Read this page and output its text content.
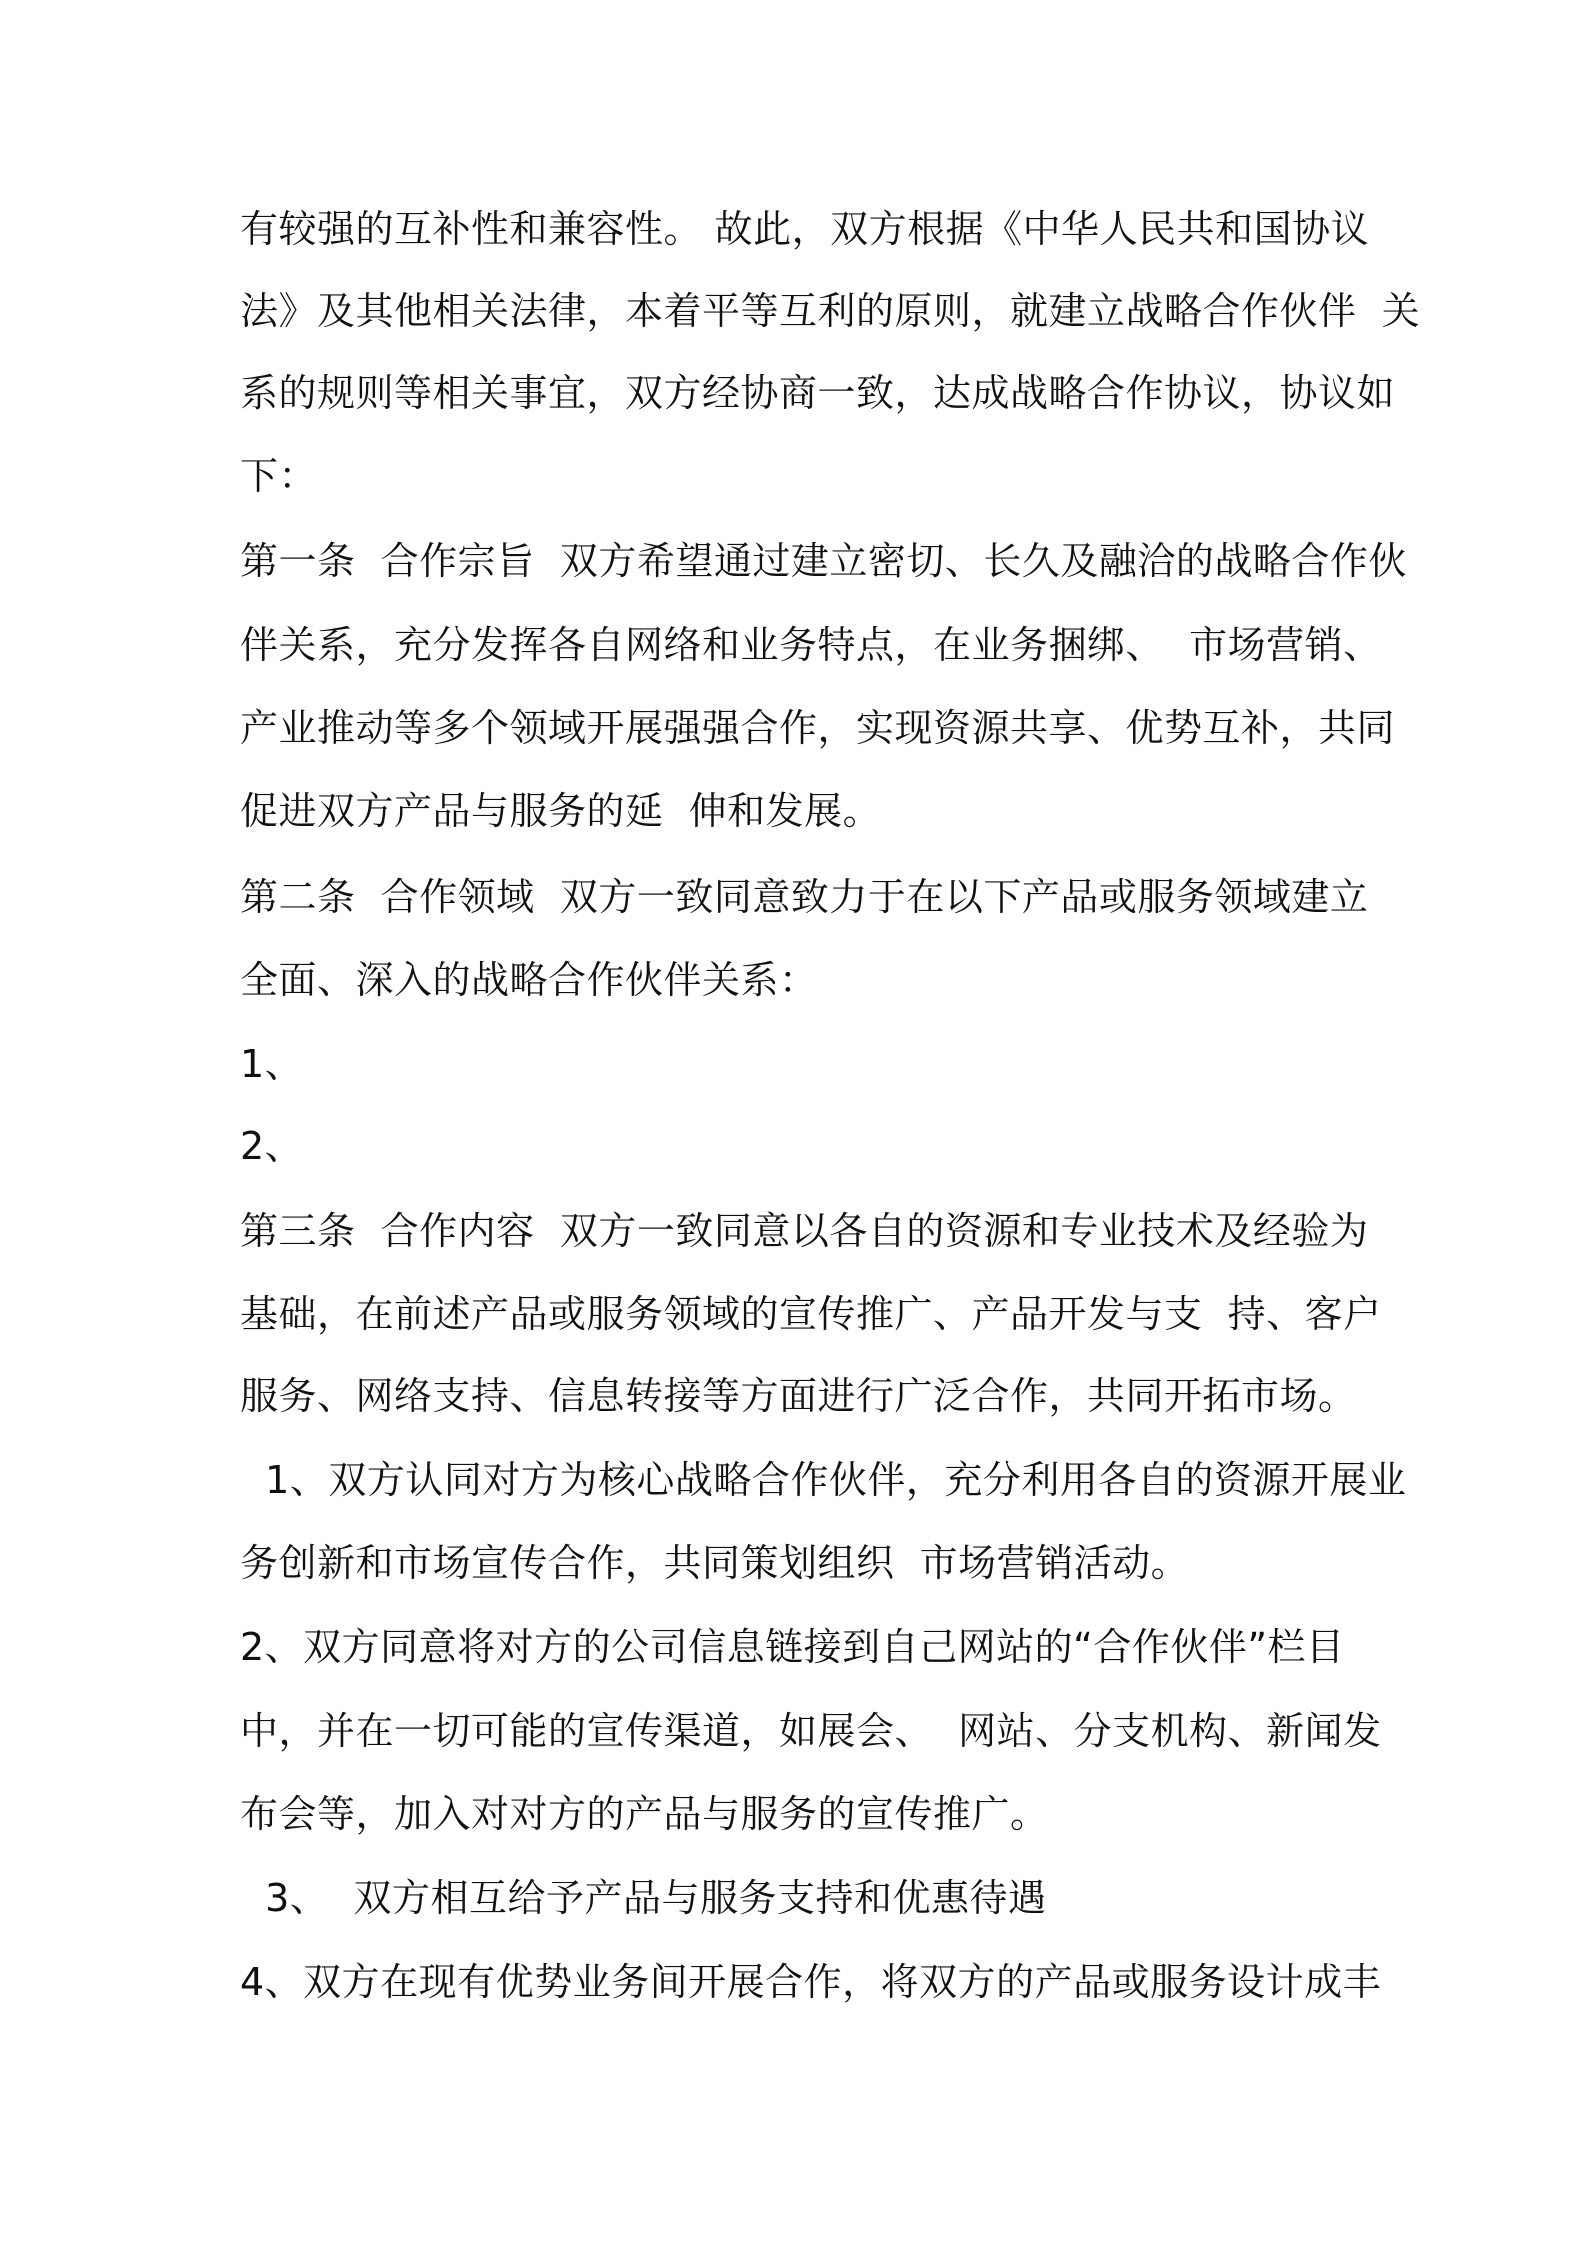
有较强的互补性和兼容性。 故此，双方根据《中华人民共和国协议
法》及其他相关法律，本着平等互利的原则，就建立战略合作伙伴  关
系的规则等相关事宜，双方经协商一致，达成战略合作协议，协议如
下：
第一条  合作宗旨  双方希望通过建立密切、长久及融洽的战略合作伙
伴关系，充分发挥各自网络和业务特点，在业务捆绑、  市场营销、
产业推动等多个领域开展强强合作，实现资源共享、优势互补，共同
促进双方产品与服务的延  伸和发展。
第二条  合作领域  双方一致同意致力于在以下产品或服务领域建立
全面、深入的战略合作伙伴关系：
1、
2、
第三条  合作内容  双方一致同意以各自的资源和专业技术及经验为
基础，在前述产品或服务领域的宣传推广、产品开发与支  持、客户
服务、网络支持、信息转接等方面进行广泛合作，共同开拓市场。
1、双方认同对方为核心战略合作伙伴，充分利用各自的资源开展业
务创新和市场宣传合作，共同策划组织  市场营销活动。
2、双方同意将对方的公司信息链接到自己网站的“合作伙伴”栏目
中，并在一切可能的宣传渠道，如展会、  网站、分支机构、新闻发
布会等，加入对对方的产品与服务的宣传推广。
3、  双方相互给予产品与服务支持和优惠待遇
4、双方在现有优势业务间开展合作，将双方的产品或服务设计成丰
